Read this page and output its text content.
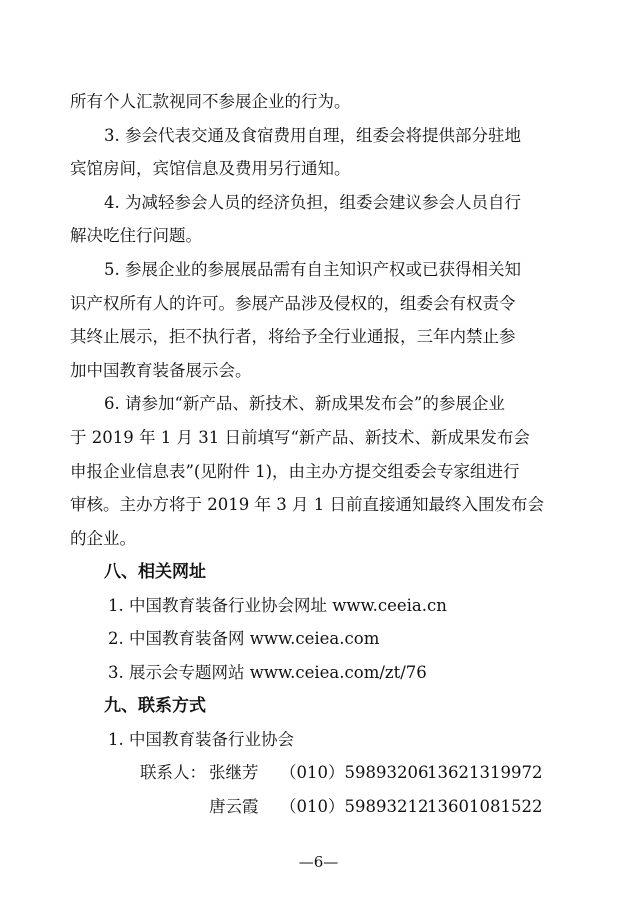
所有个人汇款视同不参展企业的行为。
3. 参会代表交通及食宿费用自理，组委会将提供部分驻地
宾馆房间，宾馆信息及费用另行通知。
4. 为减轻参会人员的经济负担，组委会建议参会人员自行
解决吃住行问题。
5. 参展企业的参展展品需有自主知识产权或已获得相关知
识产权所有人的许可。参展产品涉及侵权的，组委会有权责令
其终止展示，拒不执行者，将给予全行业通报，三年内禁止参
加中国教育装备展示会。
6. 请参加“新产品、新技术、新成果发布会”的参展企业
于 2019 年 1 月 31 日前填写“新产品、新技术、新成果发布会
申报企业信息表”(见附件 1)，由主办方提交组委会专家组进行
审核。主办方将于 2019 年 3 月 1 日前直接通知最终入围发布会
的企业。
八、相关网址
1. 中国教育装备行业协会网址 www.ceeia.cn
2. 中国教育装备网 www.ceiea.com
3. 展示会专题网站 www.ceiea.com/zt/76
九、联系方式
1. 中国教育装备行业协会
联系人： 张继芳 （010）59893206
13621319972
唐云霞 （010）59893212
13601081522
—6—
